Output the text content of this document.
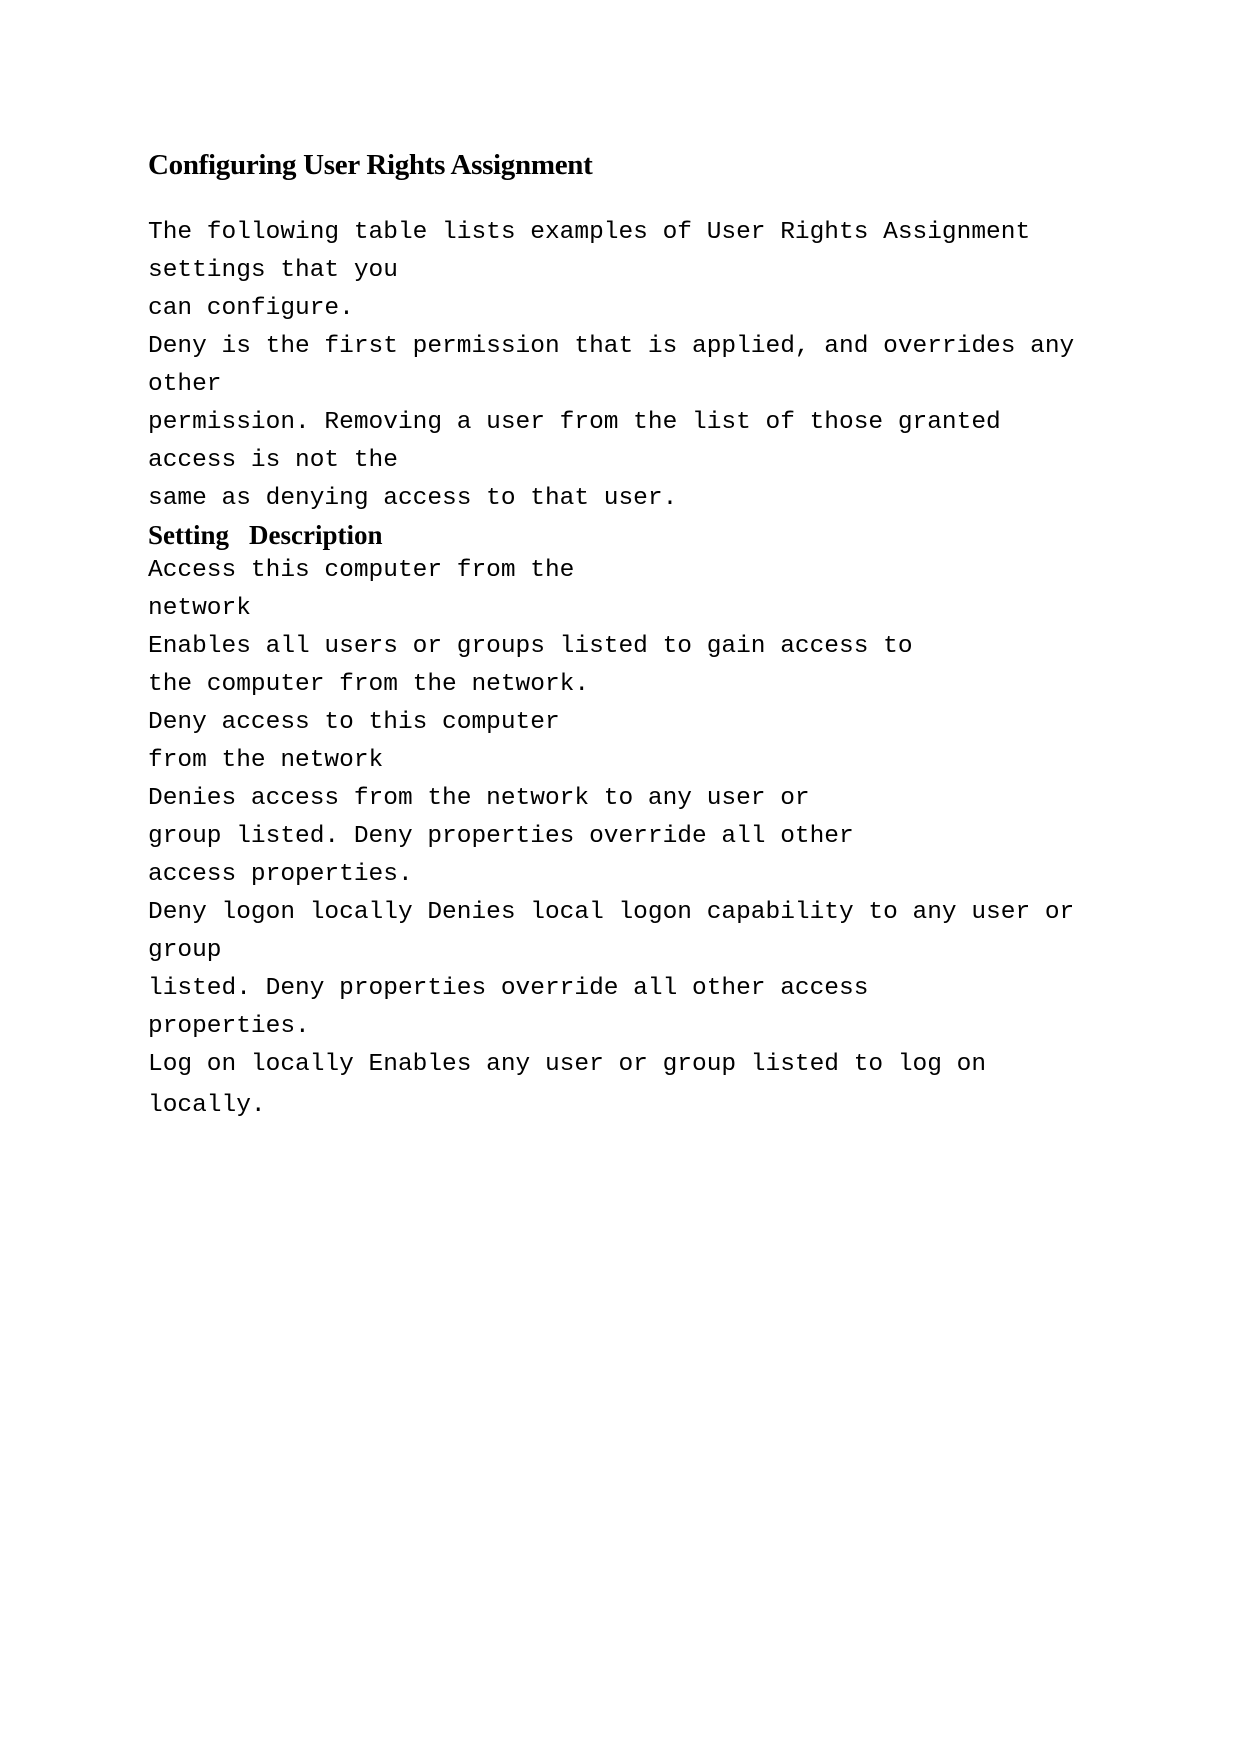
Configuring User Rights Assignment

The following table lists examples of User Rights Assignment

settings that you

can configure.

Deny is the first permission that is applied, and overrides any

other

permission. Removing a user from the list of those granted

access is not the

same as denying access to that user.

Setting Description

Access this computer from the

network

Enables all users or groups listed to gain access to

the computer from the network.

Deny access to this computer

from the network

Denies access from the network to any user or

group listed. Deny properties override all other

access properties.

Deny logon locally Denies local logon capability to any user or

group

listed. Deny properties override all other access

properties.

Log on locally Enables any user or group listed to log on

locally.
